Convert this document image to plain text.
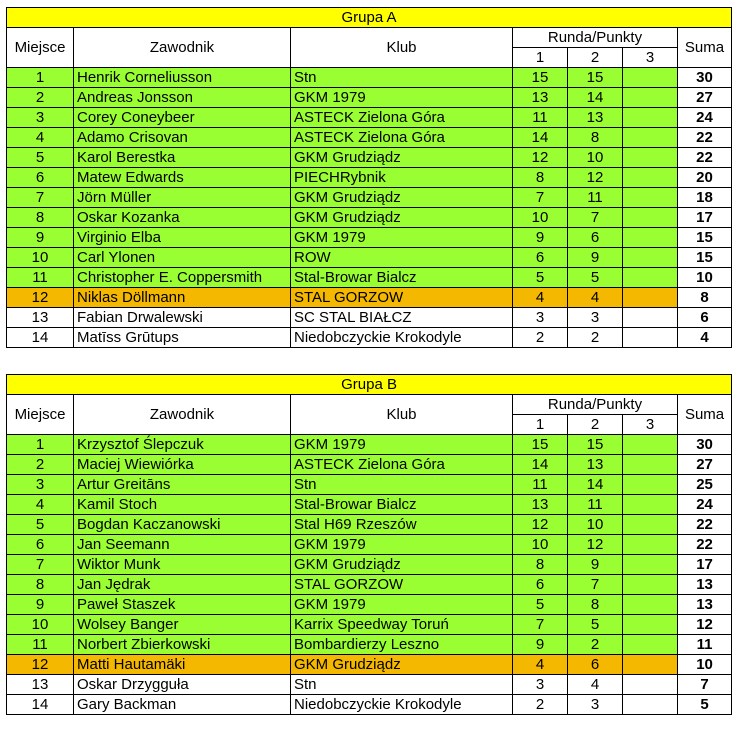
Grupa A						
Miejsce	Zawodnik	Klub	Runda/Punkty			Suma
			1	2	3	
1	Henrik Corneliusson	Stn	15	15		30
2	Andreas Jonsson	GKM 1979	13	14		27
3	Corey Coneybeer	ASTECK Zielona Góra	11	13		24
4	Adamo Crisovan	ASTECK Zielona Góra	14	8		22
5	Karol Berestka	GKM Grudziądz	12	10		22
6	Matew Edwards	PIECHRybnik	8	12		20
7	Jörn Müller	GKM Grudziądz	7	11		18
8	Oskar Kozanka	GKM Grudziądz	10	7		17
9	Virginio Elba	GKM 1979	9	6		15
10	Carl Ylonen	ROW	6	9		15
11	Christopher E. Coppersmith	Stal-Browar Bialcz	5	5		10
12	Niklas Döllmann	STAL GORZOW	4	4		8
13	Fabian Drwalewski	SC STAL BIAŁCZ	3	3		6
14	Matīss Grūtups	Niedobczyckie Krokodyle	2	2		4
Grupa B						
Miejsce	Zawodnik	Klub	Runda/Punkty			Suma
			1	2	3	
1	Krzysztof Ślepczuk	GKM 1979	15	15		30
2	Maciej Wiewiórka	ASTECK Zielona Góra	14	13		27
3	Artur Greitāns	Stn	11	14		25
4	Kamil Stoch	Stal-Browar Bialcz	13	11		24
5	Bogdan Kaczanowski	Stal H69 Rzeszów	12	10		22
6	Jan Seemann	GKM 1979	10	12		22
7	Wiktor Munk	GKM Grudziądz	8	9		17
8	Jan Jędrak	STAL GORZOW	6	7		13
9	Paweł Staszek	GKM 1979	5	8		13
10	Wolsey Banger	Karrix Speedway Toruń	7	5		12
11	Norbert Zbierkowski	Bombardierzy Leszno	9	2		11
12	Matti Hautamäki	GKM Grudziądz	4	6		10
13	Oskar Drzygguła	Stn	3	4		7
14	Gary Backman	Niedobczyckie Krokodyle	2	3		5
